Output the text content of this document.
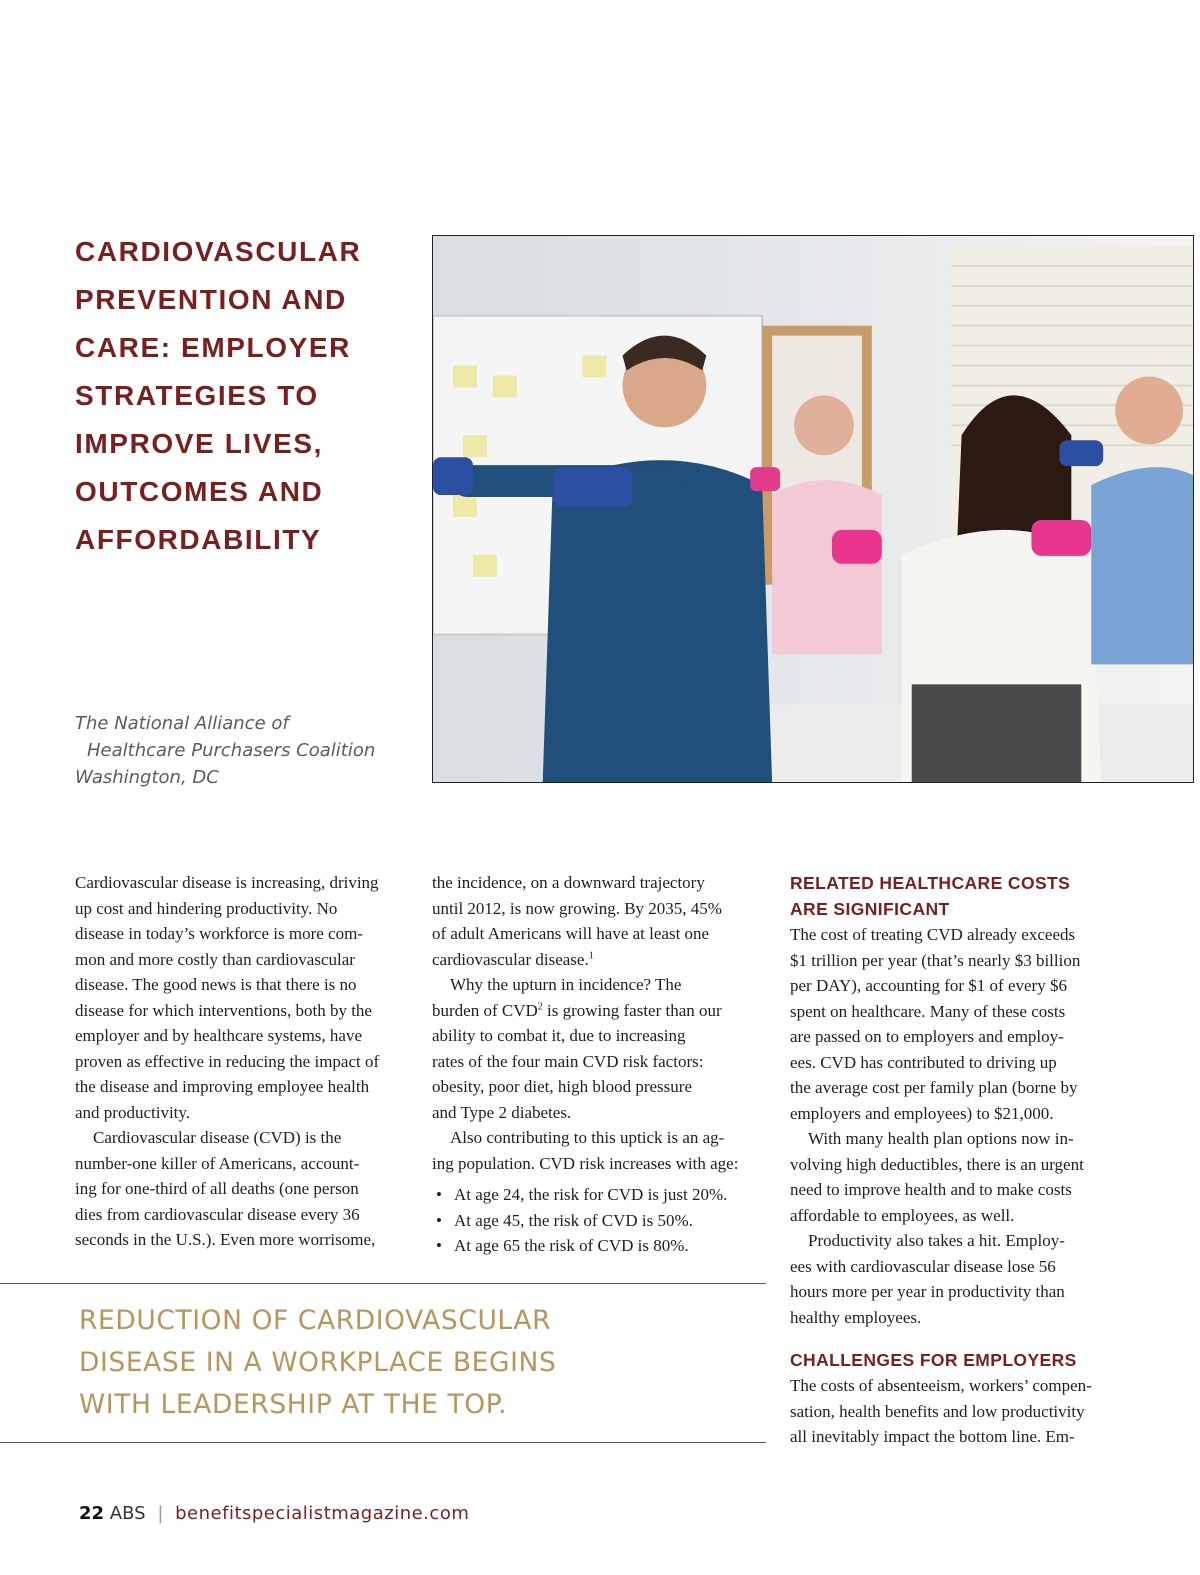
CARDIOVASCULAR
PREVENTION AND
CARE: EMPLOYER
STRATEGIES TO
IMPROVE LIVES,
OUTCOMES AND
AFFORDABILITY
The National Alliance of
Healthcare Purchasers Coalition
Washington, DC

Cardiovascular disease is increasing, driving

up cost and hindering productivity. No

disease in today’s workforce is more com-

mon and more costly than cardiovascular

disease. The good news is that there is no

disease for which interventions, both by the

employer and by healthcare systems, have

proven as effective in reducing the impact of

the disease and improving employee health

and productivity.

Cardiovascular disease (CVD) is the

number-one killer of Americans, account-

ing for one-third of all deaths (one person

dies from cardiovascular disease every 36

seconds in the U.S.). Even more worrisome,

the incidence, on a downward trajectory

until 2012, is now growing. By 2035, 45%

of adult Americans will have at least one

cardiovascular disease.$^1$

Why the upturn in incidence? The

burden of CVD$^2$ is growing faster than our

ability to combat it, due to increasing

rates of the four main CVD risk factors:

obesity, poor diet, high blood pressure

and Type 2 diabetes.

Also contributing to this uptick is an ag-

ing population. CVD risk increases with age:

• At age 24, the risk for CVD is just 20%.
• At age 45, the risk of CVD is 50%.
• At age 65 the risk of CVD is 80%.
RELATED HEALTHCARE COSTS
ARE SIGNIFICANT

The cost of treating CVD already exceeds

$1 trillion per year (that’s nearly $3 billion

per DAY), accounting for $1 of every $6

spent on healthcare. Many of these costs

are passed on to employers and employ-

ees. CVD has contributed to driving up

the average cost per family plan (borne by

employers and employees) to $21,000.

With many health plan options now in-

volving high deductibles, there is an urgent

need to improve health and to make costs

affordable to employees, as well.

Productivity also takes a hit. Employ-

ees with cardiovascular disease lose 56

hours more per year in productivity than

healthy employees.

CHALLENGES FOR EMPLOYERS

The costs of absenteeism, workers’ compen-

sation, health benefits and low productivity

all inevitably impact the bottom line. Em-

REDUCTION OF CARDIOVASCULAR
DISEASE IN A WORKPLACE BEGINS
WITH LEADERSHIP AT THE TOP.
22 ABS | benefitspecialistmagazine.com
